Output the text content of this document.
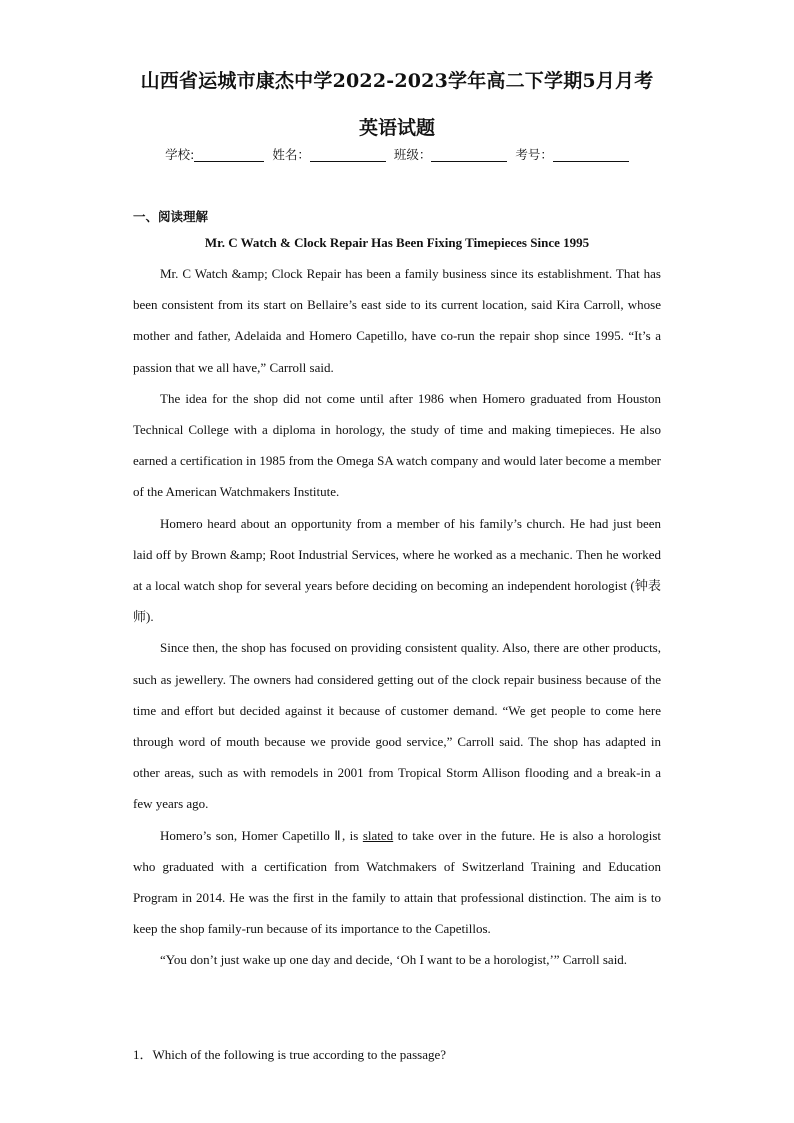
山西省运城市康杰中学2022-2023学年高二下学期5月月考
英语试题
学校:	姓名：	班级：	考号：
一、阅读理解
Mr. C Watch & Clock Repair Has Been Fixing Timepieces Since 1995

Mr. C Watch &amp; Clock Repair has been a family business since its establishment. That has been consistent from its start on Bellaire’s east side to its current location, said Kira Carroll, whose mother and father, Adelaida and Homero Capetillo, have co-run the repair shop since 1995. “It’s a passion that we all have,” Carroll said.

The idea for the shop did not come until after 1986 when Homero graduated from Houston Technical College with a diploma in horology, the study of time and making timepieces. He also earned a certification in 1985 from the Omega SA watch company and would later become a member of the American Watchmakers Institute.

Homero heard about an opportunity from a member of his family’s church. He had just been laid off by Brown &amp; Root Industrial Services, where he worked as a mechanic. Then he worked at a local watch shop for several years before deciding on becoming an independent horologist (钟表师).

Since then, the shop has focused on providing consistent quality. Also, there are other products, such as jewellery. The owners had considered getting out of the clock repair business because of the time and effort but decided against it because of customer demand. “We get people to come here through word of mouth because we provide good service,” Carroll said. The shop has adapted in other areas, such as with remodels in 2001 from Tropical Storm Allison flooding and a break-in a few years ago.

Homero’s son, Homer Capetillo Ⅱ, is slated to take over in the future. He is also a horologist who graduated with a certification from Watchmakers of Switzerland Training and Education Program in 2014. He was the first in the family to attain that professional distinction. The aim is to keep the shop family-run because of its importance to the Capetillos.

“You don’t just wake up one day and decide, ‘Oh I want to be a horologist,’” Carroll said.

1．Which of the following is true according to the passage?
